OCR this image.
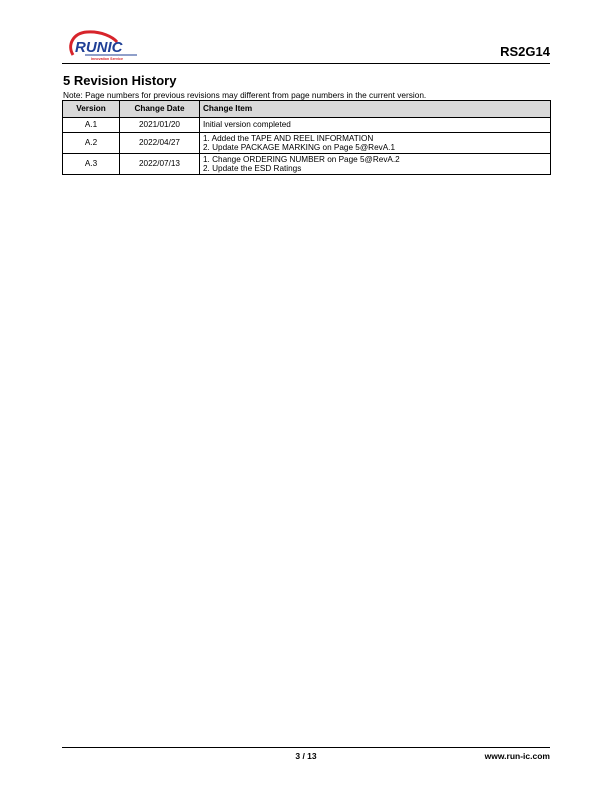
RUNIC
Innovation Service	RS2G14
5 Revision History
Note: Page numbers for previous revisions may different from page numbers in the current version.
Version	Change Date	Change Item
A.1	2021/01/20	Initial version completed

A.2	2022/04/27	1. Added the TAPE AND REEL INFORMATION
2. Update PACKAGE MARKING on Page 5@RevA.1

A.3	2022/07/13	1. Change ORDERING NUMBER on Page 5@RevA.2
2. Update the ESD Ratings
3 / 13	www.run-ic.com
